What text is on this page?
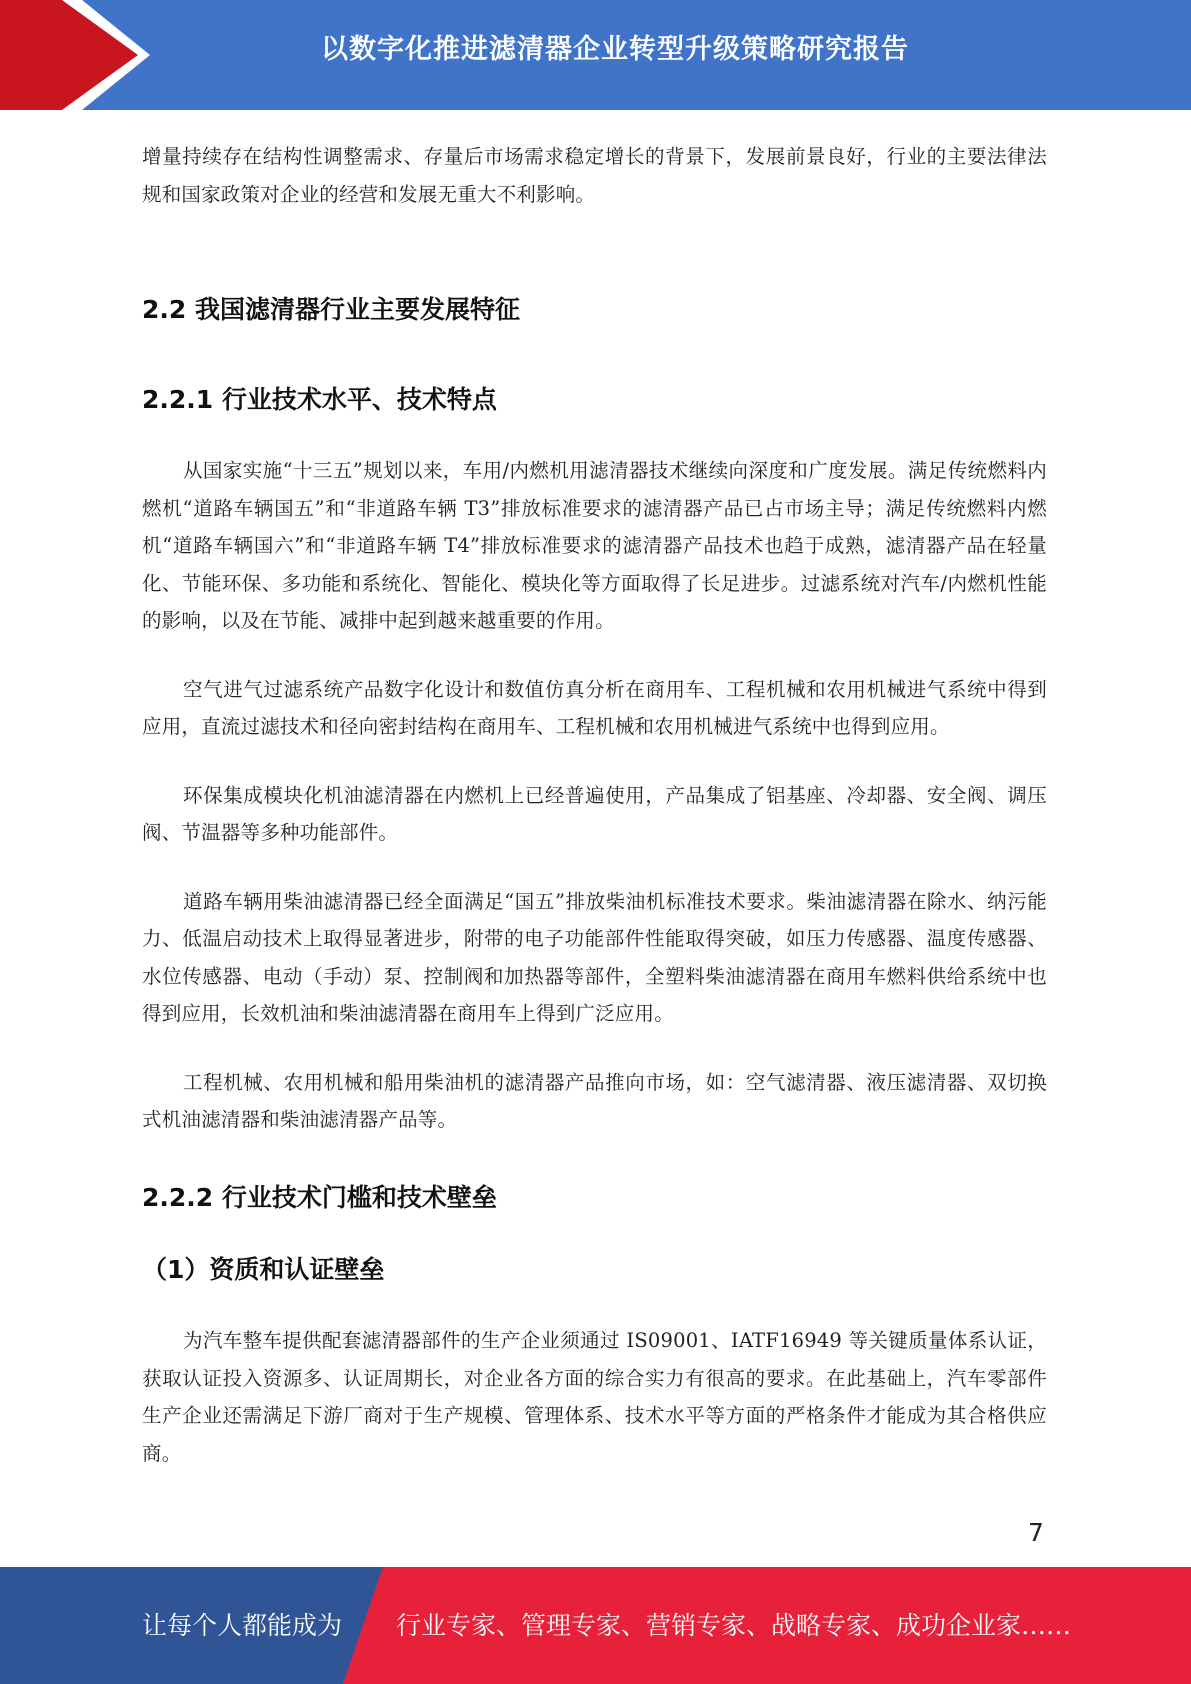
以数字化推进滤清器企业转型升级策略研究报告

增量持续存在结构性调整需求、存量后市场需求稳定增长的背景下，发展前景良好，行业的主要法律法规和国家政策对企业的经营和发展无重大不利影响。

2.2 我国滤清器行业主要发展特征
2.2.1 行业技术水平、技术特点

从国家实施“十三五”规划以来，车用/内燃机用滤清器技术继续向深度和广度发展。满足传统燃料内燃机“道路车辆国五”和“非道路车辆 T3”排放标准要求的滤清器产品已占市场主导；满足传统燃料内燃机“道路车辆国六”和“非道路车辆 T4”排放标准要求的滤清器产品技术也趋于成熟，滤清器产品在轻量化、节能环保、多功能和系统化、智能化、模块化等方面取得了长足进步。过滤系统对汽车/内燃机性能的影响，以及在节能、减排中起到越来越重要的作用。

空气进气过滤系统产品数字化设计和数值仿真分析在商用车、工程机械和农用机械进气系统中得到应用，直流过滤技术和径向密封结构在商用车、工程机械和农用机械进气系统中也得到应用。

环保集成模块化机油滤清器在内燃机上已经普遍使用，产品集成了铝基座、冷却器、安全阀、调压阀、节温器等多种功能部件。

道路车辆用柴油滤清器已经全面满足“国五”排放柴油机标准技术要求。柴油滤清器在除水、纳污能力、低温启动技术上取得显著进步，附带的电子功能部件性能取得突破，如压力传感器、温度传感器、水位传感器、电动（手动）泵、控制阀和加热器等部件，全塑料柴油滤清器在商用车燃料供给系统中也得到应用，长效机油和柴油滤清器在商用车上得到广泛应用。

工程机械、农用机械和船用柴油机的滤清器产品推向市场，如：空气滤清器、液压滤清器、双切换式机油滤清器和柴油滤清器产品等。

2.2.2 行业技术门槛和技术壁垒
（1）资质和认证壁垒

为汽车整车提供配套滤清器部件的生产企业须通过 IS09001、IATF16949 等关键质量体系认证，获取认证投入资源多、认证周期长，对企业各方面的综合实力有很高的要求。在此基础上，汽车零部件生产企业还需满足下游厂商对于生产规模、管理体系、技术水平等方面的严格条件才能成为其合格供应商。

7
让每个人都能成为 行业专家、管理专家、营销专家、战略专家、成功企业家……
